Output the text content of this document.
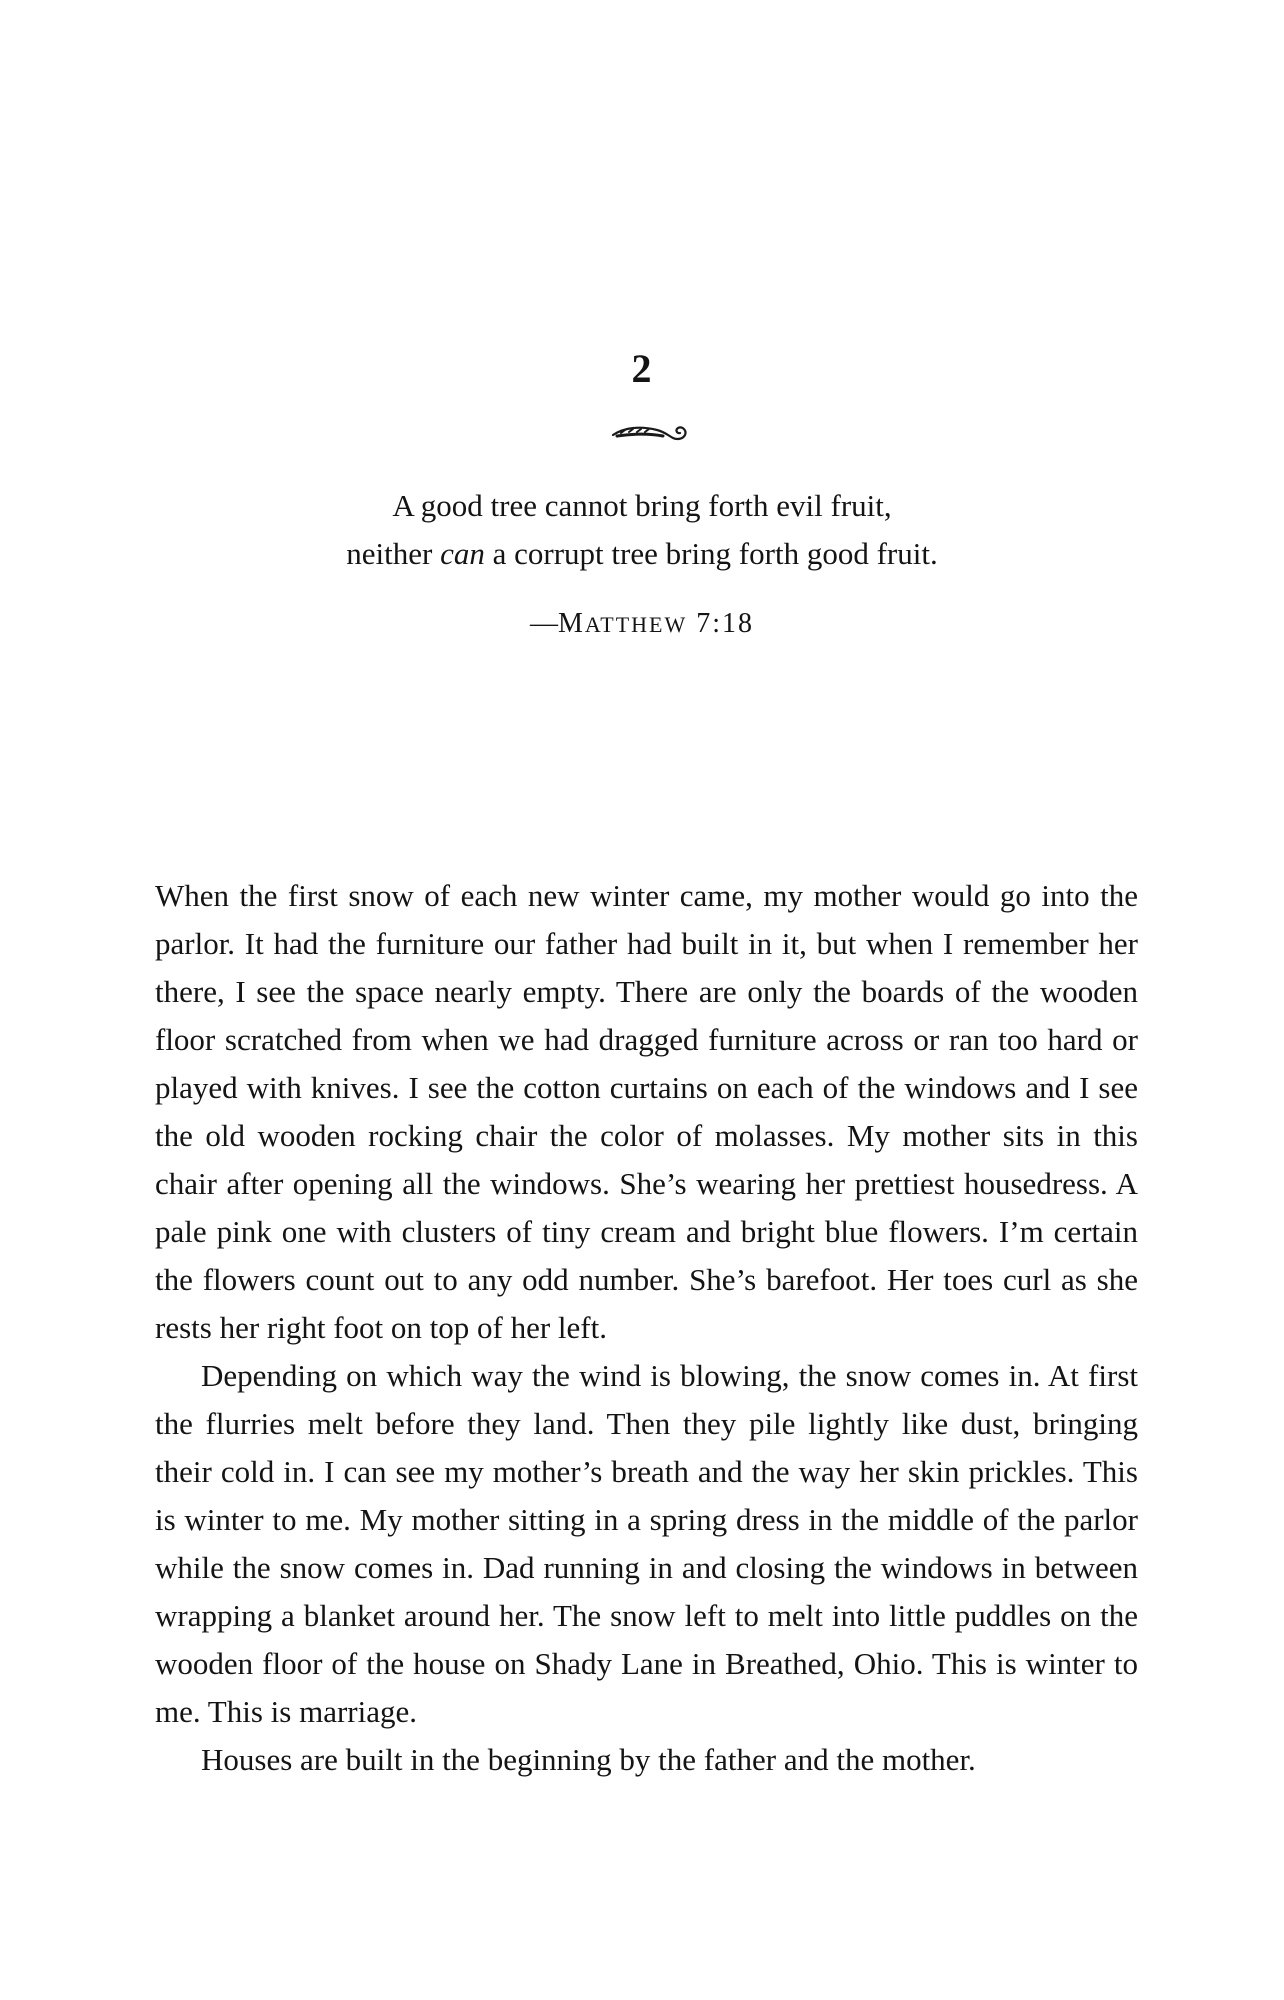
2
A good tree cannot bring forth evil fruit,
neither can a corrupt tree bring forth good fruit.
—MATTHEW 7:18

When the first snow of each new winter came, my mother would go into the parlor. It had the furniture our father had built in it, but when I remember her there, I see the space nearly empty. There are only the boards of the wooden floor scratched from when we had dragged furniture across or ran too hard or played with knives. I see the cotton curtains on each of the windows and I see the old wooden rocking chair the color of molasses. My mother sits in this chair after opening all the windows. She’s wearing her prettiest housedress. A pale pink one with clusters of tiny cream and bright blue flowers. I’m certain the flowers count out to any odd number. She’s barefoot. Her toes curl as she rests her right foot on top of her left.

Depending on which way the wind is blowing, the snow comes in. At first the flurries melt before they land. Then they pile lightly like dust, bringing their cold in. I can see my mother’s breath and the way her skin prickles. This is winter to me. My mother sitting in a spring dress in the middle of the parlor while the snow comes in. Dad running in and closing the windows in between wrapping a blanket around her. The snow left to melt into little puddles on the wooden floor of the house on Shady Lane in Breathed, Ohio. This is winter to me. This is marriage.

Houses are built in the beginning by the father and the mother.
